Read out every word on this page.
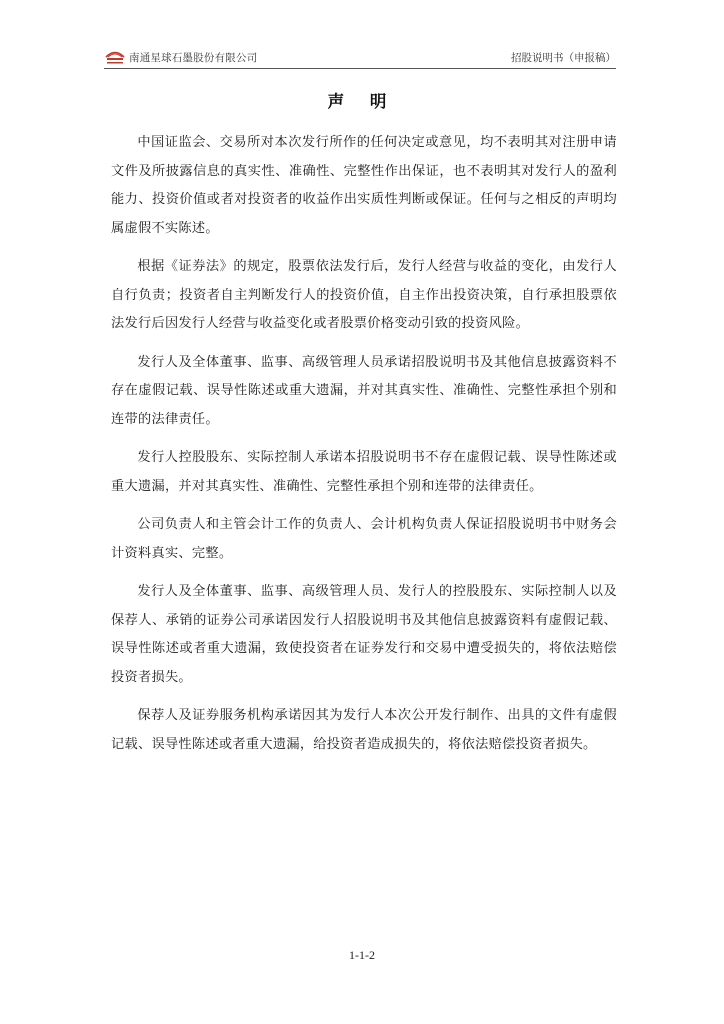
南通星球石墨股份有限公司	招股说明书（申报稿）
声 明

中国证监会、交易所对本次发行所作的任何决定或意见，均不表明其对注册申请文件及所披露信息的真实性、准确性、完整性作出保证，也不表明其对发行人的盈利能力、投资价值或者对投资者的收益作出实质性判断或保证。任何与之相反的声明均属虚假不实陈述。

根据《证券法》的规定，股票依法发行后，发行人经营与收益的变化，由发行人自行负责；投资者自主判断发行人的投资价值，自主作出投资决策，自行承担股票依法发行后因发行人经营与收益变化或者股票价格变动引致的投资风险。

发行人及全体董事、监事、高级管理人员承诺招股说明书及其他信息披露资料不存在虚假记载、误导性陈述或重大遗漏，并对其真实性、准确性、完整性承担个别和连带的法律责任。

发行人控股股东、实际控制人承诺本招股说明书不存在虚假记载、误导性陈述或重大遗漏，并对其真实性、准确性、完整性承担个别和连带的法律责任。

公司负责人和主管会计工作的负责人、会计机构负责人保证招股说明书中财务会计资料真实、完整。

发行人及全体董事、监事、高级管理人员、发行人的控股股东、实际控制人以及保荐人、承销的证券公司承诺因发行人招股说明书及其他信息披露资料有虚假记载、误导性陈述或者重大遗漏，致使投资者在证券发行和交易中遭受损失的，将依法赔偿投资者损失。

保荐人及证券服务机构承诺因其为发行人本次公开发行制作、出具的文件有虚假记载、误导性陈述或者重大遗漏，给投资者造成损失的，将依法赔偿投资者损失。

1-1-2
